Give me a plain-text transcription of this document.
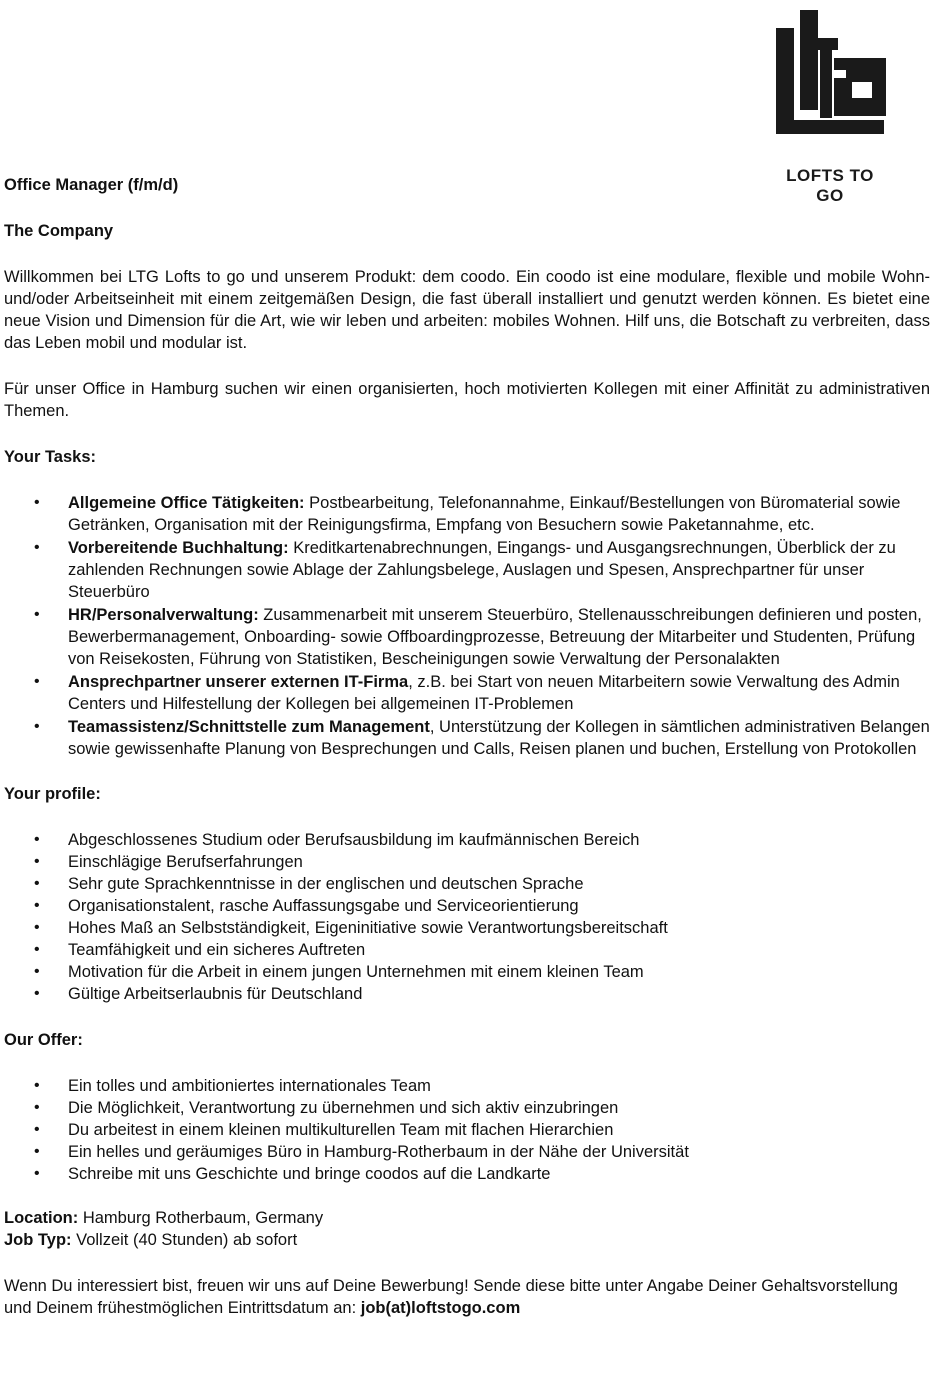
LOFTS TO GO

Office Manager (f/m/d)

The Company

Willkommen bei LTG Lofts to go und unserem Produkt: dem coodo. Ein coodo ist eine modulare, flexible und mobile Wohn- und/oder Arbeitseinheit mit einem zeitgemäßen Design, die fast überall installiert und genutzt werden können. Es bietet eine neue Vision und Dimension für die Art, wie wir leben und arbeiten: mobiles Wohnen. Hilf uns, die Botschaft zu verbreiten, dass das Leben mobil und modular ist.

Für unser Office in Hamburg suchen wir einen organisierten, hoch motivierten Kollegen mit einer Affinität zu administrativen Themen.

Your Tasks:

• Allgemeine Office Tätigkeiten: Postbearbeitung, Telefonannahme, Einkauf/Bestellungen von Büromaterial sowie Getränken, Organisation mit der Reinigungsfirma, Empfang von Besuchern sowie Paketannahme, etc.
• Vorbereitende Buchhaltung: Kreditkartenabrechnungen, Eingangs- und Ausgangsrechnungen, Überblick der zu zahlenden Rechnungen sowie Ablage der Zahlungsbelege, Auslagen und Spesen, Ansprechpartner für unser Steuerbüro
• HR/Personalverwaltung: Zusammenarbeit mit unserem Steuerbüro, Stellenausschreibungen definieren und posten, Bewerbermanagement, Onboarding- sowie Offboardingprozesse, Betreuung der Mitarbeiter und Studenten, Prüfung von Reisekosten, Führung von Statistiken, Bescheinigungen sowie Verwaltung der Personalakten
• Ansprechpartner unserer externen IT-Firma, z.B. bei Start von neuen Mitarbeitern sowie Verwaltung des Admin Centers und Hilfestellung der Kollegen bei allgemeinen IT-Problemen
• Teamassistenz/Schnittstelle zum Management, Unterstützung der Kollegen in sämtlichen administrativen Belangen sowie gewissenhafte Planung von Besprechungen und Calls, Reisen planen und buchen, Erstellung von Protokollen

Your profile:

• Abgeschlossenes Studium oder Berufsausbildung im kaufmännischen Bereich
• Einschlägige Berufserfahrungen
• Sehr gute Sprachkenntnisse in der englischen und deutschen Sprache
• Organisationstalent, rasche Auffassungsgabe und Serviceorientierung
• Hohes Maß an Selbstständigkeit, Eigeninitiative sowie Verantwortungsbereitschaft
• Teamfähigkeit und ein sicheres Auftreten
• Motivation für die Arbeit in einem jungen Unternehmen mit einem kleinen Team
• Gültige Arbeitserlaubnis für Deutschland

Our Offer:

• Ein tolles und ambitioniertes internationales Team
• Die Möglichkeit, Verantwortung zu übernehmen und sich aktiv einzubringen
• Du arbeitest in einem kleinen multikulturellen Team mit flachen Hierarchien
• Ein helles und geräumiges Büro in Hamburg-Rotherbaum in der Nähe der Universität
• Schreibe mit uns Geschichte und bringe coodos auf die Landkarte

Location: Hamburg Rotherbaum, Germany

Job Typ: Vollzeit (40 Stunden) ab sofort

Wenn Du interessiert bist, freuen wir uns auf Deine Bewerbung! Sende diese bitte unter Angabe Deiner Gehaltsvorstellung und Deinem frühestmöglichen Eintrittsdatum an: job(at)loftstogo.com
